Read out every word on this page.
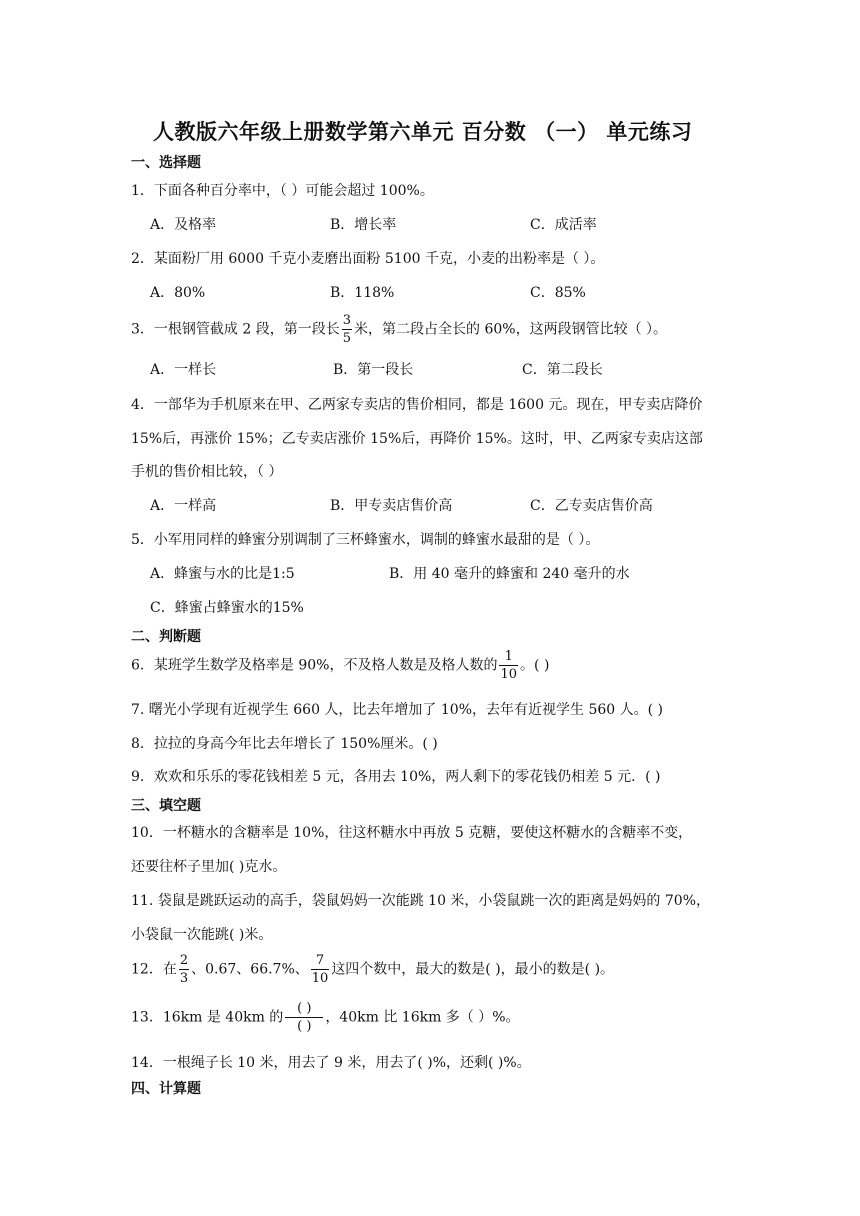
人教版六年级上册数学第六单元 百分数 （一） 单元练习
一、选择题
1．下面各种百分率中，（ ）可能会超过 100%。
A．及格率	B．增长率	C．成活率
2．某面粉厂用 6000 千克小麦磨出面粉 5100 千克，小麦的出粉率是（ ）。
A．80%	B．118%	C．85%
3．一根钢管截成 2 段，第一段长 $\frac{3}{5}$ 米，第二段占全长的 60%，这两段钢管比较（ ）。
A．一样长	B．第一段长	C．第二段长
4．一部华为手机原来在甲、乙两家专卖店的售价相同，都是 1600 元。现在，甲专卖店降价
15%后，再涨价 15%；乙专卖店涨价 15%后，再降价 15%。这时，甲、乙两家专卖店这部
手机的售价相比较，（ ）
A．一样高	B．甲专卖店售价高	C．乙专卖店售价高
5．小军用同样的蜂蜜分别调制了三杯蜂蜜水，调制的蜂蜜水最甜的是（ ）。
A．蜂蜜与水的比是1:5	B．用 40 毫升的蜂蜜和 240 毫升的水
C．蜂蜜占蜂蜜水的15%
二、判断题
6．某班学生数学及格率是 90%，不及格人数是及格人数的 $\frac{1}{10}$ 。( )
7. 曙光小学现有近视学生 660 人，比去年增加了 10%，去年有近视学生 560 人。( )
8．拉拉的身高今年比去年增长了 150%厘米。( )
9．欢欢和乐乐的零花钱相差 5 元，各用去 10%，两人剩下的零花钱仍相差 5 元．( )
三、填空题
10．一杯糖水的含糖率是 10%，往这杯糖水中再放 5 克糖，要使这杯糖水的含糖率不变，
还要往杯子里加( )克水。
11. 袋鼠是跳跃运动的高手，袋鼠妈妈一次能跳 10 米，小袋鼠跳一次的距离是妈妈的 70%，
小袋鼠一次能跳( )米。
12．在 $\frac{2}{3}$ 、0.67、66.7%、 $\frac{7}{10}$ 这四个数中，最大的数是( )，最小的数是( )。
13．16km 是 40km 的 $\frac{( )}{( )}$ ，40km 比 16km 多（ ）%。
14．一根绳子长 10 米，用去了 9 米，用去了( )%，还剩( )%。
四、计算题
